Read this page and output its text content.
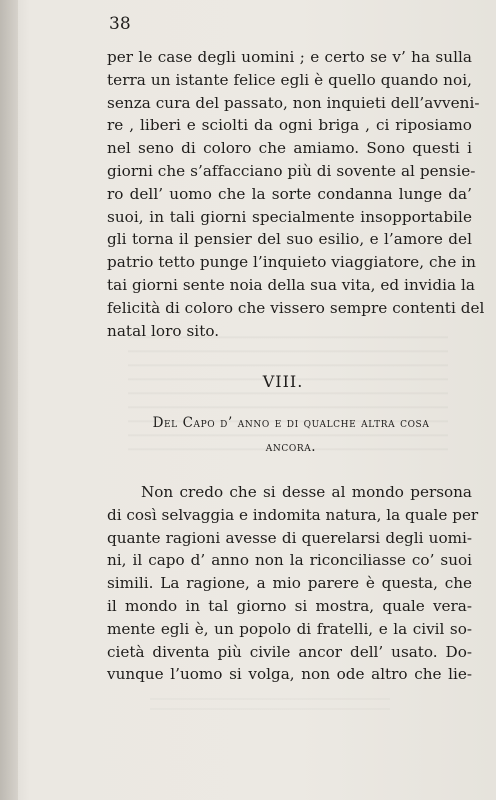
38
per le case degli uomini ; e certo se v’ ha sulla
terra un istante felice egli è quello quando noi,
senza cura del passato, non inquieti dell’avveni-
re , liberi e sciolti da ogni briga , ci riposiamo
nel seno di coloro che amiamo. Sono questi i
giorni che s’affacciano più di sovente al pensie-
ro dell’ uomo che la sorte condanna lunge da’
suoi, in tali giorni specialmente insopportabile
gli torna il pensier del suo esilio, e l’amore del
patrio tetto punge l’inquieto viaggiatore, che in
tai giorni sente noia della sua vita, ed invidia la
felicità di coloro che vissero sempre contenti del
natal loro sito.
VIII.
Del Capo d’ anno e di qualche altra cosa
ancora.
Non credo che si desse al mondo persona
di così selvaggia e indomita natura, la quale per
quante ragioni avesse di querelarsi degli uomi-
ni, il capo d’ anno non la riconciliasse co’ suoi
simili. La ragione, a mio parere è questa, che
il mondo in tal giorno si mostra, quale vera-
mente egli è, un popolo di fratelli, e la civil so-
cietà diventa più civile ancor dell’ usato. Do-
vunque l’uomo si volga, non ode altro che lie-
